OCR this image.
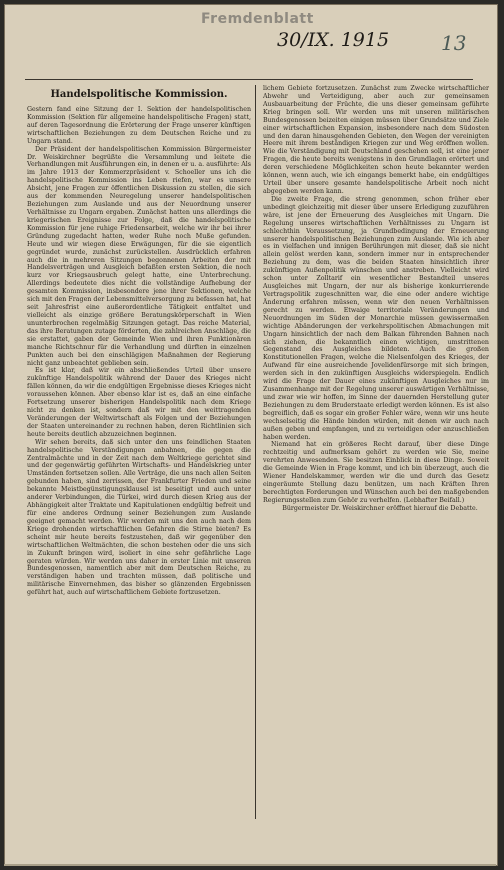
Fremdenblatt
30/IX. 1915	13
Handelspolitische Kommission.

Gestern fand eine Sitzung der I. Sektion der handelspolitischen Kommission (Sektion für allgemeine handelspolitische Fragen) statt, auf deren Tagesordnung die Erörterung der Frage unserer künftigen wirtschaftlichen Beziehungen zu dem Deutschen Reiche und zu Ungarn stand.

Der Präsident der handelspolitischen Kommission Bürgermeister Dr. Weiskirchner begrüßte die Versammlung und leitete die Verhandlungen mit Ausführungen ein, in denen er u. a. ausführte: Als im Jahre 1913 der Kommerzpräsident v. Schoeller uns ich die handelspolitische Kommission ins Leben riefen, war es unsere Absicht, jene Fragen zur öffentlichen Diskussion zu stellen, die sich aus der kommenden Neuregelung unserer handelspolitischen Beziehungen zum Auslande und aus der Neuordnung unserer Verhältnisse zu Ungarn ergaben. Zunächst hatten uns allerdings die kriegerischen Ereignisse zur Folge, daß die handelspolitische Kommission für jene ruhige Friedensarbeit, welche wir ihr bei ihrer Gründung zugedacht hatten, weder Ruhe noch Muße gefunden. Heute und wir wiegen diese Erwägungen, für die sie eigentlich gegründet wurde, zunächst zurückstellen. Ausdrücklich erfahren auch die in mehreren Sitzungen begonnenen Arbeiten der mit Handelsverträgen und Ausgleich befaßten ersten Sektion, die noch kurz vor Kriegsausbruch gelegt hatte, eine Unterbrechung. Allerdings bedeutete dies nicht die vollständige Aufhebung der gesamten Kommission, insbesondere jene ihrer Sektionen, welche sich mit den Fragen der Lebensmittelversorgung zu befassen hat, hat seit Jahresfrist eine außerordentliche Tätigkeit entfaltet und vielleicht als einzige größere Beratungskörperschaft in Wien ununterbrochen regelmäßig Sitzungen getagt. Das reiche Material, das ihre Beratungen zutage förderten, die zahlreichen Anschläge, die sie erstattet, gaben der Gemeinde Wien und ihren Funktionären manche Richtschnur für die Verhandlung und dürften in einzelnen Punkten auch bei den einschlägigen Maßnahmen der Regierung nicht ganz unbeachtet geblieben sein.

Es ist klar, daß wir ein abschließendes Urteil über unsere zukünftige Handelspolitik während der Dauer des Krieges nicht fällen können, da wir die endgültigen Ergebnisse dieses Krieges nicht voraussehen können. Aber ebenso klar ist es, daß an eine einfache Fortsetzung unserer bisherigen Handelspolitik nach dem Kriege nicht zu denken ist, sondern daß wir mit den weittragenden Veränderungen der Weltwirtschaft als Folgen und der Beziehungen der Staaten untereinander zu rechnen haben, deren Richtlinien sich heute bereits deutlich abzuzeichnen beginnen.

Wir sehen bereits, daß sich unter den uns feindlichen Staaten handelspolitische Verständigungen anbahnen, die gegen die Zentralmächte und in der Zeit nach dem Weltkriege gerichtet sind und der gegenwärtig geführten Wirtschafts- und Handelskrieg unter Umständen fortsetzen sollen. Alle Verträge, die uns nach allen Seiten gebunden haben, sind zerrissen, der Frankfurter Frieden und seine bekannte Meistbegünstigungsklausel ist beseitigt und auch unter anderer Verbindungen, die Türkei, wird durch diesen Krieg aus der Abhängigkeit alter Traktate und Kapitulationen endgültig befreit und für eine anderes Ordnung seiner Beziehungen zum Auslande geeignet gemacht werden. Wir werden mit uns den auch nach dem Kriege drohenden wirtschaftlichen Gefahren die Stirne bieten? Es scheint mir heute bereits festzustehen, daß wir gegenüber den wirtschaftlichen Weltmächten, die schon bestehen oder die uns sich in Zukunft bringen wird, isoliert in eine sehr gefährliche Lage geraten würden. Wir werden uns daher in erster Linie mit unseren Bundesgenossen, namentlich aber mit dem Deutschen Reiche, zu verständigen haben und trachten müssen, daß politische und militärische Einvernehmen, das bisher so glänzenden Ergebnissen geführt hat, auch auf wirtschaftlichem Gebiete fortzusetzen.

lichem Gebiete fortzusetzen. Zunächst zum Zwecke wirtschaftlicher Abwehr und Verteidigung, aber auch zur gemeinsamen Ausbauarbeitung der Früchte, die uns dieser gemeinsam geführte Krieg bringen soll. Wir werden uns mit unseren militärischen Bundesgenossen beizeiten einigen müssen über Grundsätze und Ziele einer wirtschaftlichen Expansion, insbesondere nach dem Südosten und den daran hinausgehenden Gebieten, den Wegen der vereinigten Heere mit ihrem beständigen Kriegen zur und Weg eröffnen wollen. Wie die Verständigung mit Deutschland geschehen soll, ist eine jener Fragen, die heute bereits wenigstens in den Grundlagen erörtert und deren verschiedene Möglichkeiten schon heute bekannter werden können, wenn auch, wie ich eingangs bemerkt habe, ein endgültiges Urteil über unsere gesamte handelspolitische Arbeit noch nicht abgegeben werden kann.

Die zweite Frage, die streng genommen, schon früher eber unbedingt gleichzeitig mit dieser über unsere Erledigung zuzuführen wäre, ist jene der Erneuerung des Ausgleiches mit Ungarn. Die Regelung unseres wirtschaftlichen Verhältnisses zu Ungarn ist schlechthin Voraussetzung, ja Grundbedingung der Erneuerung unserer handelspolitischen Beziehungen zum Auslande. Wie ich aber es in vielfachen und innigen Berührungen mit dieser, daß sie nicht allein gelöst werden kann, sondern immer nur in entsprechender Beziehung zu dem, was die beiden Staaten hinsichtlich ihrer zukünftigen Außenpolitik wünschen und anstreben. Vielleicht wird schon unter Zolltarif ein wesentlicher Bestandteil unseres Ausgleiches mit Ungarn, der nur als bisherige konkurrierende Vertragspolitik zugeschnitten war, die eine oder andere wichtige Änderung erfahren müssen, wenn wir den neuen Verhältnissen gerecht zu werden. Etwaige territoriale Veränderungen und Neuordnungen im Süden der Monarchie müssen gewissermaßen wichtige Abänderungen der verkehrspolitischen Abmachungen mit Ungarn hinsichtlich der nach dem Balkan führenden Bahnen nach sich ziehen, die bekanntlich einen wichtigen, umstrittenen Gegenstand des Ausgleiches bildeten. Auch die großen Konstitutionellen Fragen, welche die Nielsenfolgen des Krieges, der Aufwand für eine ausreichende Jovelidenfürsorge mit sich bringen, werden sich in den zukünftigen Ausgleichs widerspiegeln. Endlich wird die Frage der Dauer eines zukünftigen Ausgleiches nur im Zusammenhange mit der Regelung unserer auswärtigen Verhältnisse, und zwar wie wir hoffen, im Sinne der dauernden Herstellung guter Beziehungen zu dem Bruderstaate erledigt werden können. Es ist also begreiflich, daß es sogar ein großer Fehler wäre, wenn wir uns heute wechselseitig die Hände binden würden, mit denen wir auch nach außen geben und empfangen, und zu verteidigen oder anzuschließen haben werden.

Niemand hat ein größeres Recht darauf, über diese Dinge rechtzeitig und aufmerksam gehört zu werden wie Sie, meine verehrten Anwesenden. Sie besitzen Einblick in diese Dinge. Soweit die Gemeinde Wien in Frage kommt, und ich bin überzeugt, auch die Wiener Handelskammer, werden wir die und durch das Gesetz eingeräumte Stellung dazu benützen, um nach Kräften Ihren berechtigten Forderungen und Wünschen auch bei den maßgebenden Regierungsstellen zum Gehör zu verhelfen. (Lebhafter Beifall.)

Bürgermeister Dr. Weiskirchner eröffnet hierauf die Debatte.
